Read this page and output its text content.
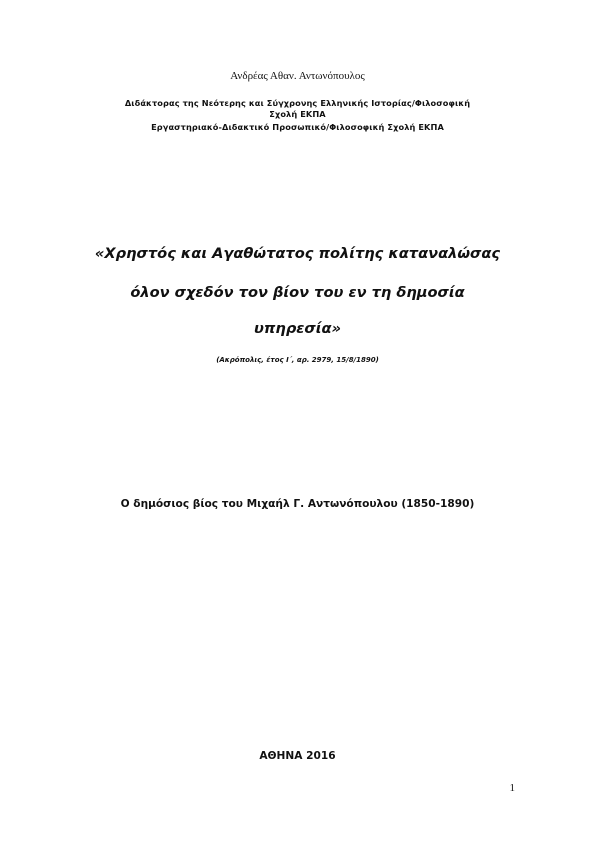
Ανδρέας Αθαν. Αντωνόπουλος
Διδάκτορας της Νεότερης και Σύγχρονης Ελληνικής Ιστορίας/Φιλοσοφική
Σχολή ΕΚΠΑ
Εργαστηριακό-Διδακτικό Προσωπικό/Φιλοσοφική Σχολή ΕΚΠΑ
«Χρηστός και Αγαθώτατος πολίτης καταναλώσας
όλον σχεδόν τον βίον του εν τη δημοσία
υπηρεσία»
(Ακρόπολις, έτος Ι΄, αρ. 2979, 15/8/1890)
Ο δημόσιος βίος του Μιχαήλ Γ. Αντωνόπουλου (1850-1890)
ΑΘΗΝΑ 2016
1
